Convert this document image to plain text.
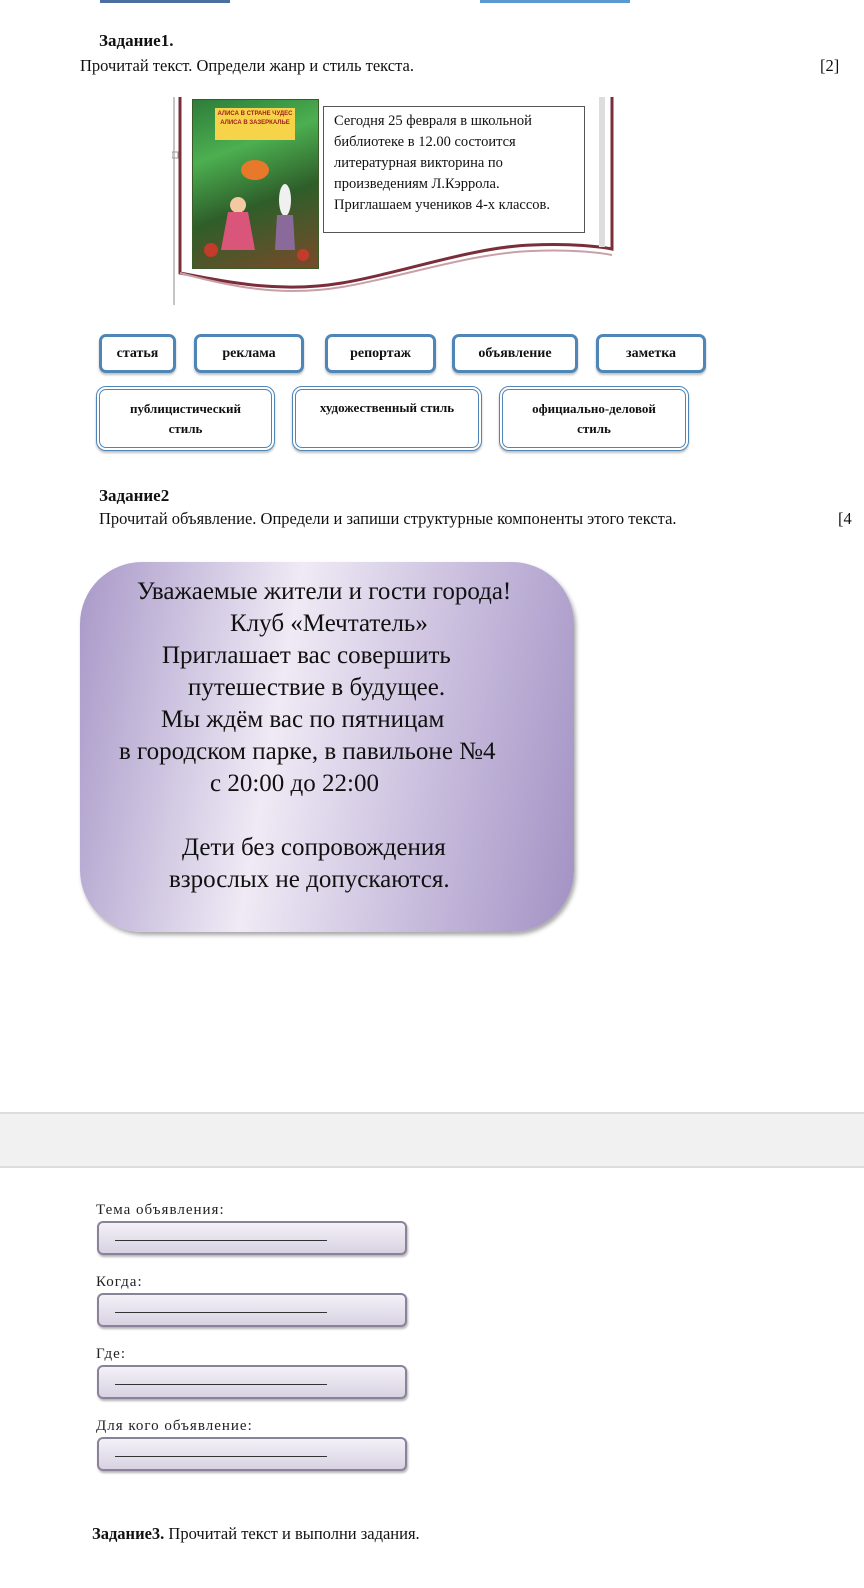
Задание1.
Прочитай текст. Определи жанр и стиль текста.	[2]
АЛИСА В СТРАНЕ ЧУДЕС АЛИСА В ЗАЗЕРКАЛЬЕ	Сегодня 25 февраля в школьной
библиотеке в 12.00 состоится
литературная викторина по
произведениям Л.Кэррола.
Приглашаем учеников 4-х классов.
статья	реклама	репортаж	объявление	заметка
публицистический
стиль
художественный стиль	официально-деловой
стиль
Задание2
Прочитай объявление. Определи и запиши структурные компоненты этого текста.	[4
Уважаемые жители и гости города!
Клуб «Мечтатель»
Приглашает вас совершить
путешествие в будущее.
Мы ждём вас по пятницам
в городском парке, в павильоне №4
с 20:00 до 22:00
Дети без сопровождения
взрослых не допускаются.
Тема объявления:
Когда:
Где:
Для кого объявление:
Задание3. Прочитай текст и выполни задания.
